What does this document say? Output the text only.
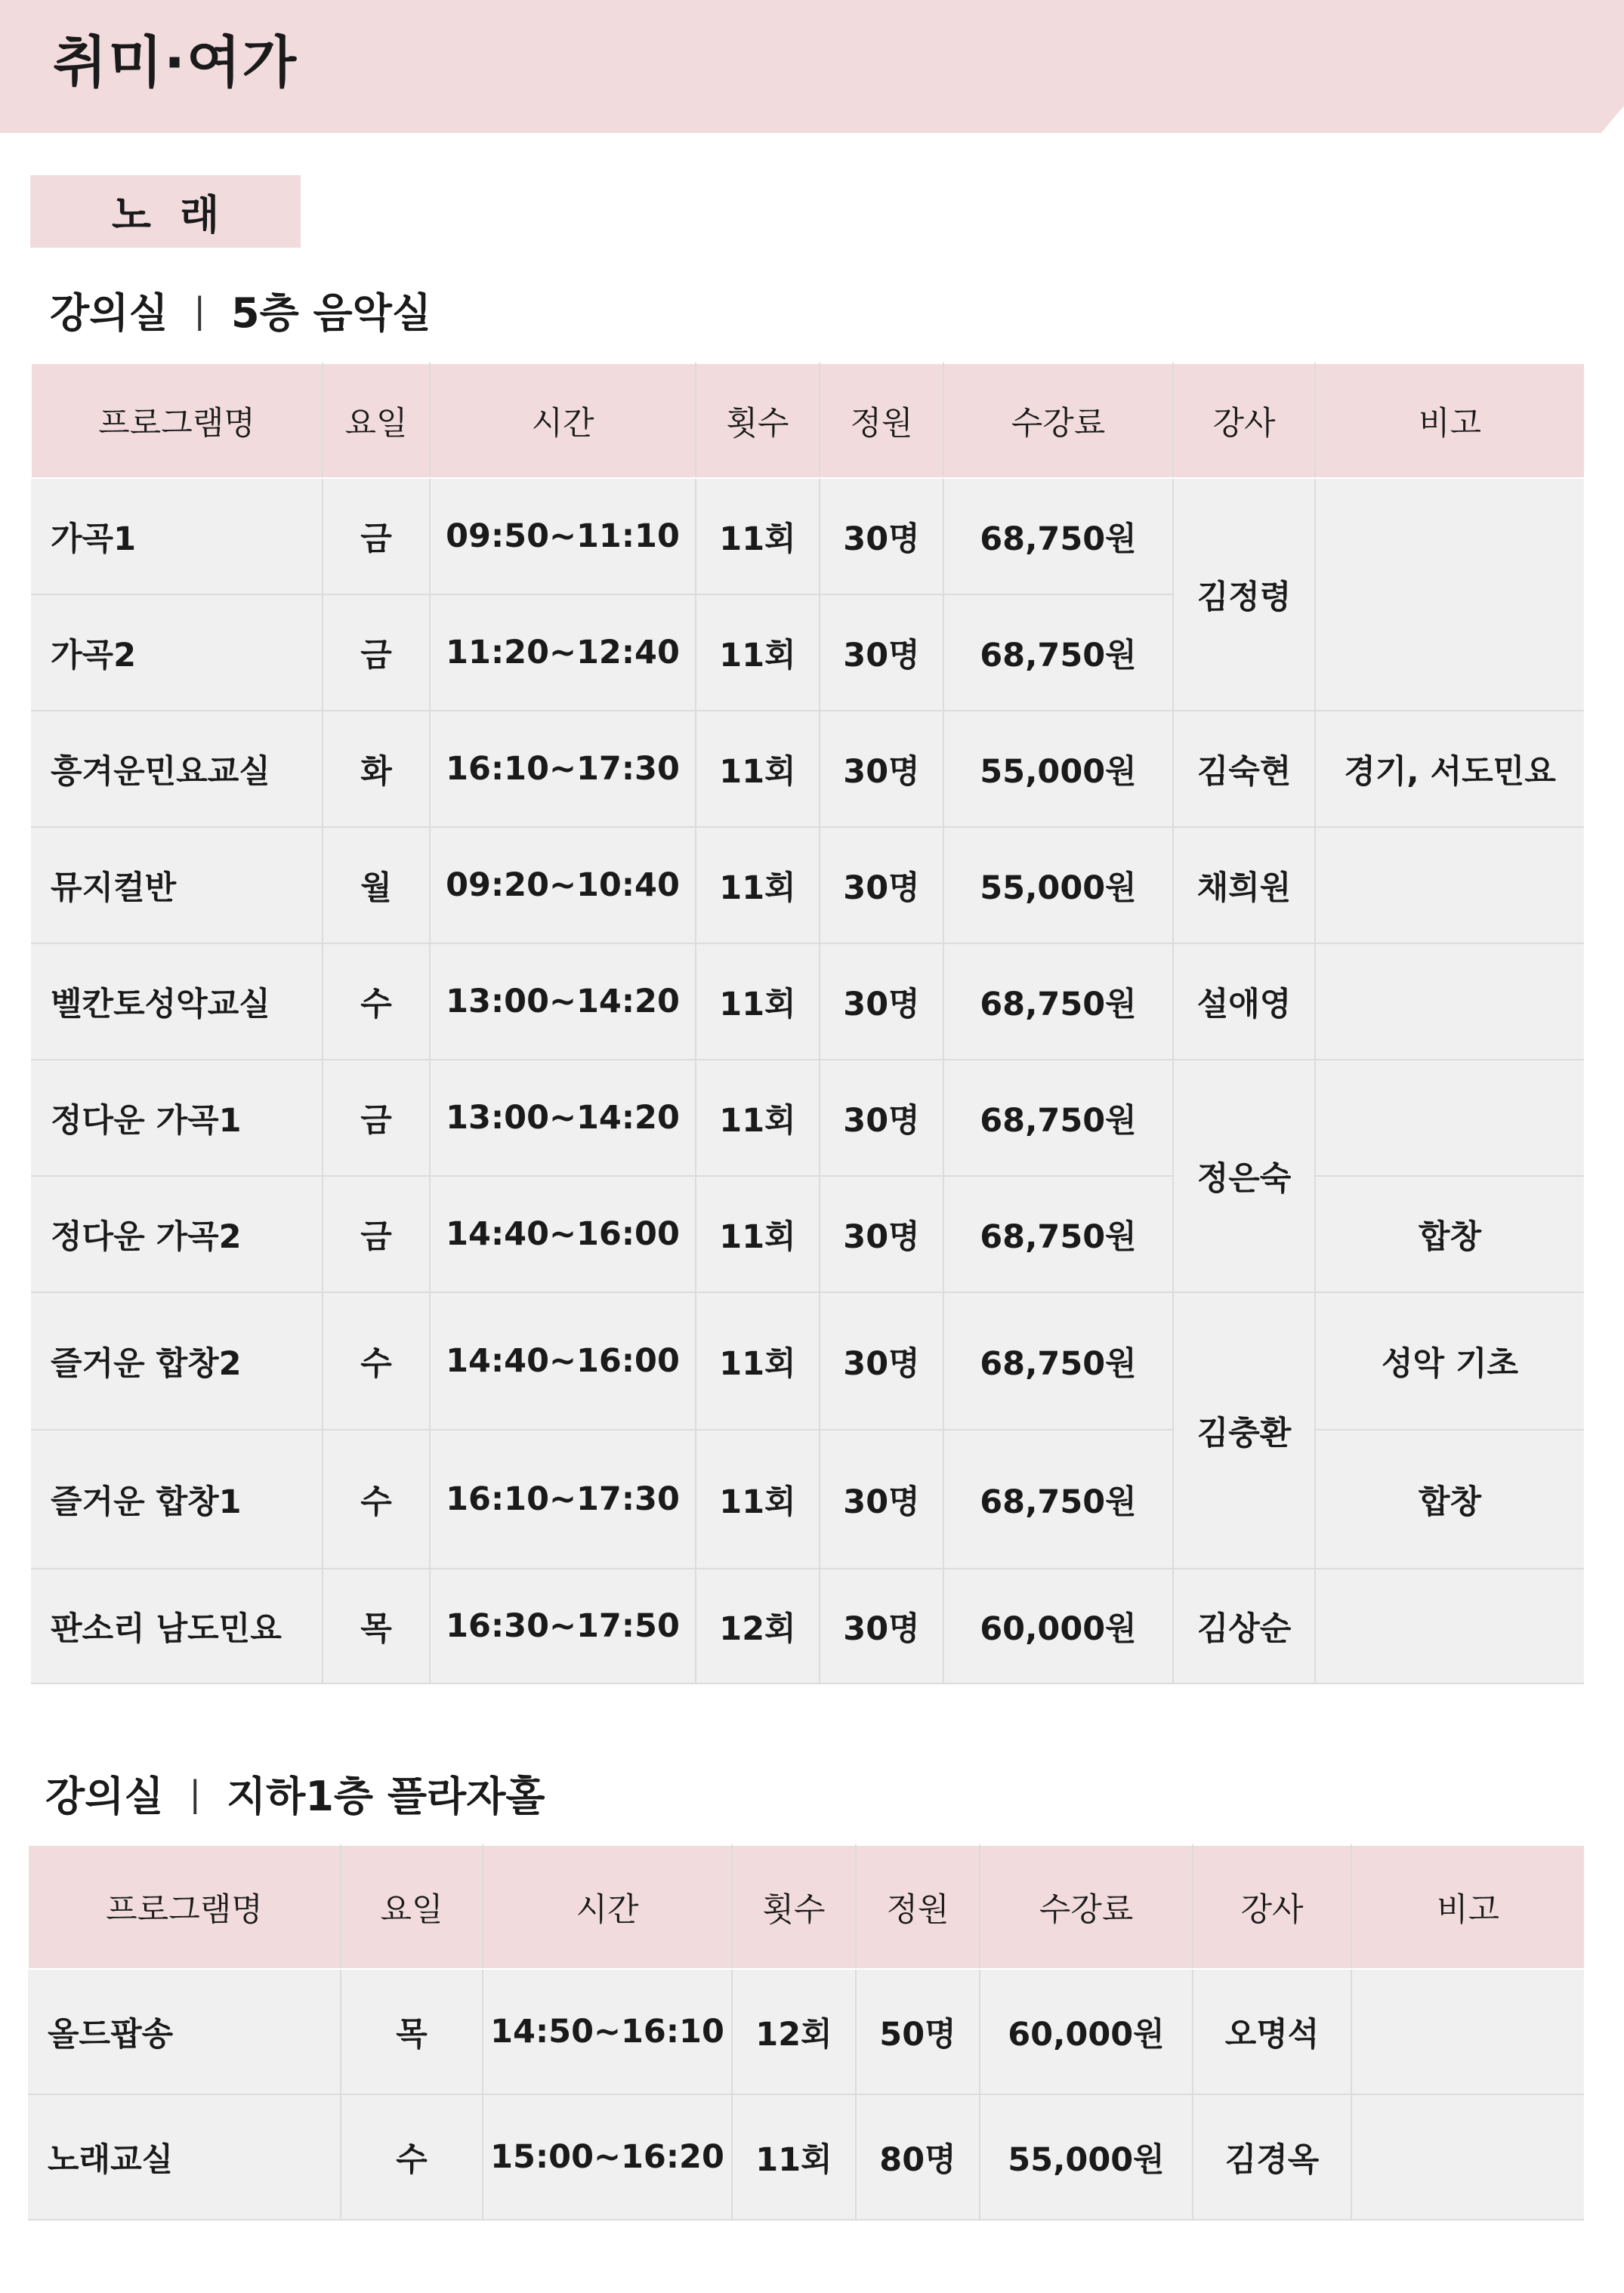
취미·여가
노래
강의실 | 5층 음악실
프로그램명	요일	시간	횟수	정원	수강료	강사	비고
가곡1	금	09:50~11:10	11회	30명	68,750원	김정령	
가곡2	금	11:20~12:40	11회	30명	68,750원		
흥겨운민요교실	화	16:10~17:30	11회	30명	55,000원	김숙현	경기, 서도민요
뮤지컬반	월	09:20~10:40	11회	30명	55,000원	채희원	
벨칸토성악교실	수	13:00~14:20	11회	30명	68,750원	설애영	
정다운 가곡1	금	13:00~14:20	11회	30명	68,750원	정은숙	
정다운 가곡2	금	14:40~16:00	11회	30명	68,750원		합창
즐거운 합창2	수	14:40~16:00	11회	30명	68,750원	김충환	성악 기초
즐거운 합창1	수	16:10~17:30	11회	30명	68,750원		합창
판소리 남도민요	목	16:30~17:50	12회	30명	60,000원	김상순	
강의실 | 지하1층 플라자홀
프로그램명	요일	시간	횟수	정원	수강료	강사	비고
올드팝송	목	14:50~16:10	12회	50명	60,000원	오명석	
노래교실	수	15:00~16:20	11회	80명	55,000원	김경옥	
